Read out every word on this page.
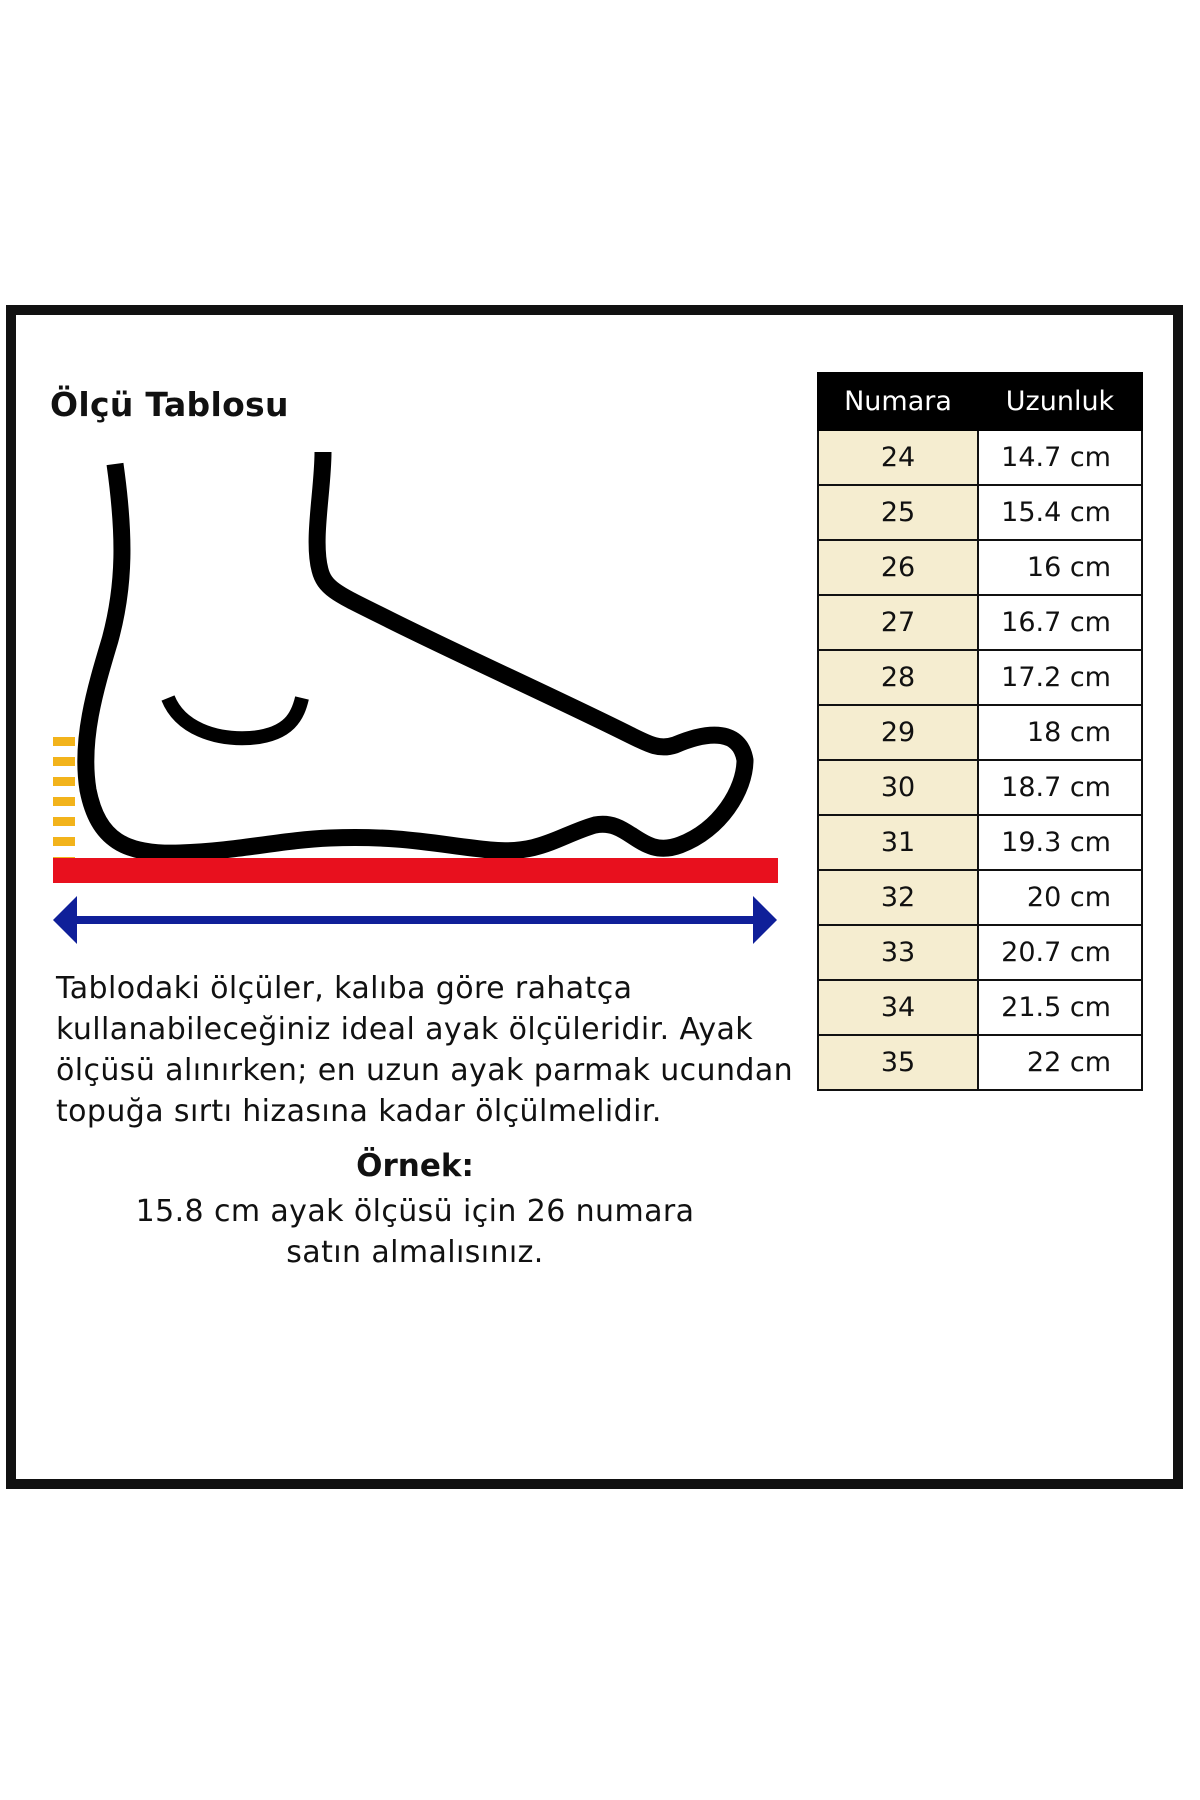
Ölçü Tablosu
Tablodaki ölçüler, kalıba göre rahatça
kullanabileceğiniz ideal ayak ölçüleridir. Ayak
ölçüsü alınırken; en uzun ayak parmak ucundan
topuğa sırtı hizasına kadar ölçülmelidir.
Örnek:
15.8 cm ayak ölçüsü için 26 numara
satın almalısınız.
Numara	Uzunluk
24	14.7 cm
25	15.4 cm
26	16 cm
27	16.7 cm
28	17.2 cm
29	18 cm
30	18.7 cm
31	19.3 cm
32	20 cm
33	20.7 cm
34	21.5 cm
35	22 cm
